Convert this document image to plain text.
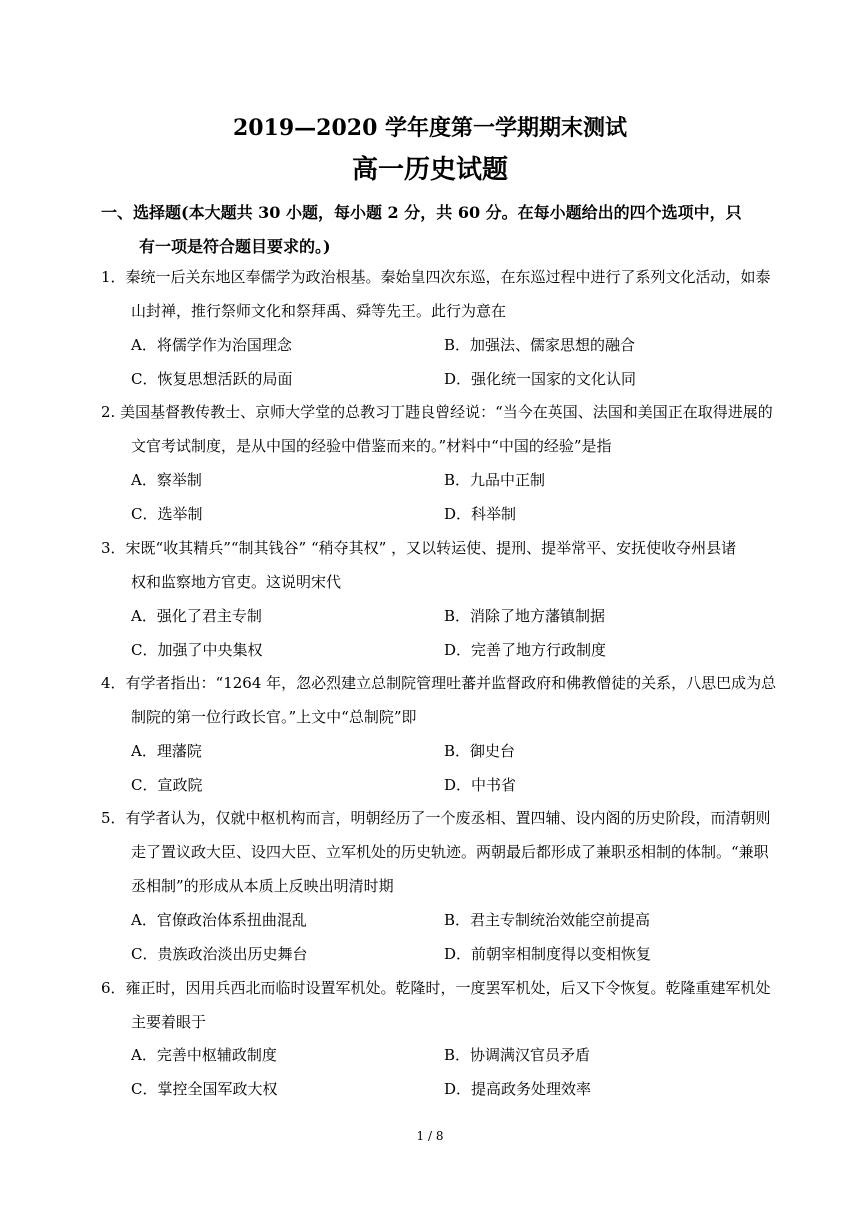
2019—2020 学年度第一学期期末测试
高一历史试题
一、选择题(本大题共 30 小题，每小题 2 分，共 60 分。在每小题给出的四个选项中，只
有一项是符合题目要求的。)
1．秦统一后关东地区奉儒学为政治根基。秦始皇四次东巡，在东巡过程中进行了系列文化活动，如泰
山封禅，推行祭师文化和祭拜禹、舜等先王。此行为意在
A．将儒学作为治国理念	B．加强法、儒家思想的融合
C．恢复思想活跃的局面	D．强化统一国家的文化认同
2. 美国基督教传教士、京师大学堂的总教习丁韪良曾经说：“当今在英国、法国和美国正在取得进展的
文官考试制度，是从中国的经验中借鉴而来的。”材料中“中国的经验”是指
A．察举制	B．九品中正制
C．选举制	D．科举制
3．宋既“收其精兵”“制其钱谷” “稍夺其权” ，又以转运使、提刑、提举常平、安抚使收夺州县诸
权和监察地方官吏。这说明宋代
A．强化了君主专制	B．消除了地方藩镇制据
C．加强了中央集权	D．完善了地方行政制度
4．有学者指出：“1264 年，忽必烈建立总制院管理吐蕃并监督政府和佛教僧徒的关系，八思巴成为总
制院的第一位行政长官。”上文中“总制院”即
A．理藩院	B．御史台
C．宣政院	D．中书省
5．有学者认为，仅就中枢机构而言，明朝经历了一个废丞相、置四辅、设内阁的历史阶段，而清朝则
走了置议政大臣、设四大臣、立军机处的历史轨迹。两朝最后都形成了兼职丞相制的体制。“兼职
丞相制”的形成从本质上反映出明清时期
A．官僚政治体系扭曲混乱	B．君主专制统治效能空前提高
C．贵族政治淡出历史舞台	D．前朝宰相制度得以变相恢复
6．雍正时，因用兵西北而临时设置军机处。乾隆时，一度罢军机处，后又下令恢复。乾隆重建军机处
主要着眼于
A．完善中枢辅政制度	B．协调满汉官员矛盾
C．掌控全国军政大权	D．提高政务处理效率
1 / 8
